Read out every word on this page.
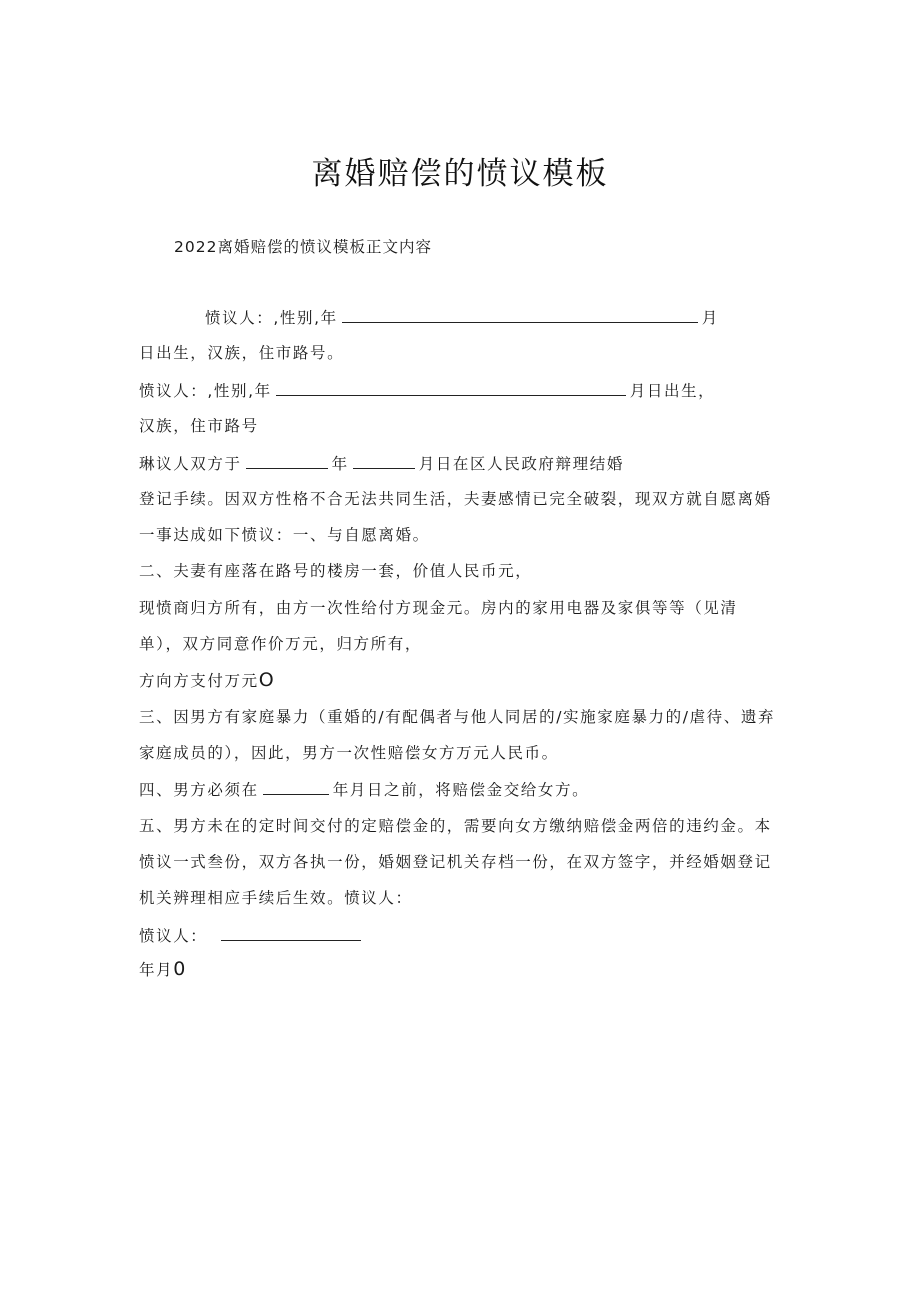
离婚赔偿的愤议模板
2022离婚赔偿的愤议模板正文内容
愤议人：,性别,年	月
日出生，汉族，住市路号。
愤议人：,性别,年	月日出生，
汉族，住市路号
琳议人双方于	年	月日在区人民政府辩理结婚
登记手续。因双方性格不合无法共同生活，夫妻感情已完全破裂，现双方就自愿离婚
一事达成如下愤议：一、与自愿离婚。
二、夫妻有座落在路号的楼房一套，价值人民币元，
现愤商归方所有，由方一次性给付方现金元。房内的家用电器及家俱等等（见清
单），双方同意作价万元，归方所有，
方向方支付万元O
三、因男方有家庭暴力（重婚的/有配偶者与他人同居的/实施家庭暴力的/虐待、遗弃
家庭成员的），因此，男方一次性赔偿女方万元人民币。
四、男方必须在	年月日之前，将赔偿金交给女方。
五、男方未在的定时间交付的定赔偿金的，需要向女方缴纳赔偿金两倍的违约金。本
愤议一式叁份，双方各执一份，婚姻登记机关存档一份，在双方签字，并经婚姻登记
机关辨理相应手续后生效。愤议人：
愤议人：
年月0
